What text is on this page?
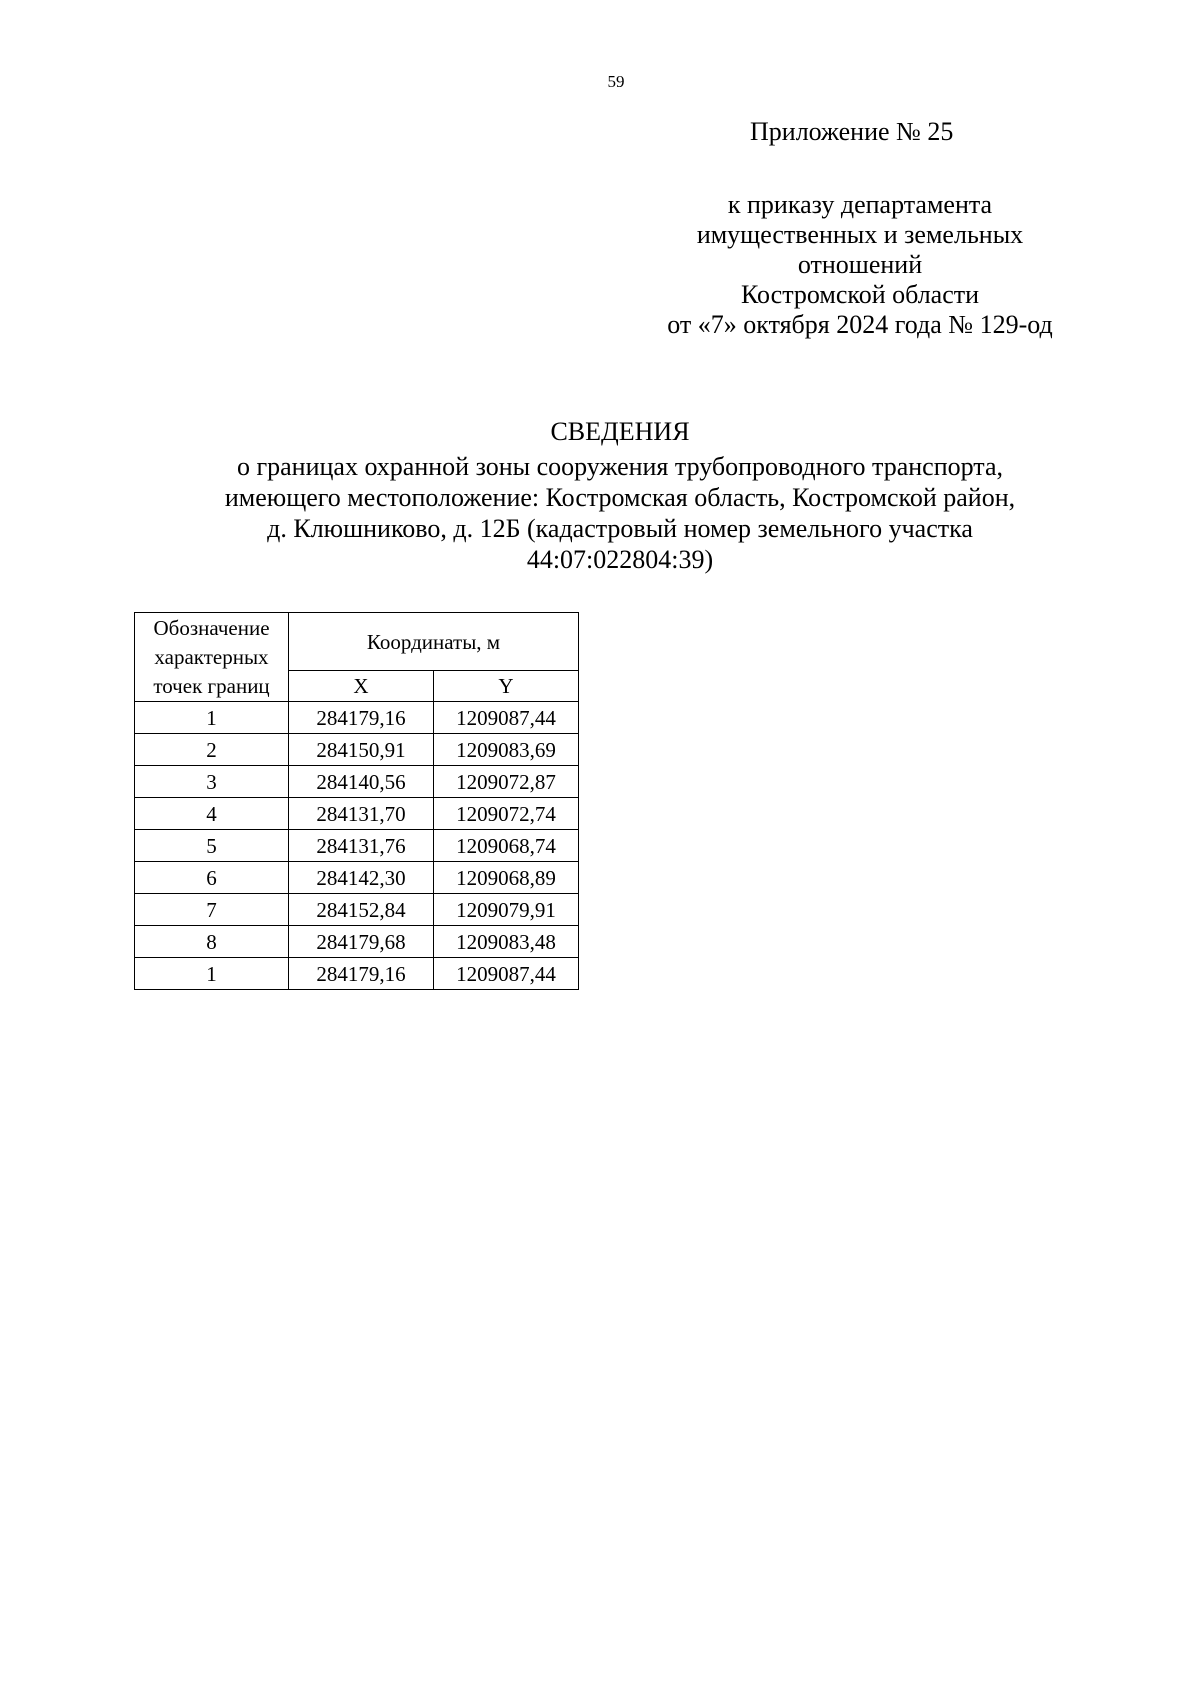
59
Приложение № 25
к приказу департамента
имущественных и земельных
отношений
Костромской области
от «7» октября 2024 года № 129-од
СВЕДЕНИЯ
о границах охранной зоны сооружения трубопроводного транспорта,
имеющего местоположение: Костромская область, Костромской район,
д. Клюшниково, д. 12Б (кадастровый номер земельного участка
44:07:022804:39)
Обозначение
характерных
точек границ	Координаты, м	
	X	Y
1	284179,16	1209087,44
2	284150,91	1209083,69
3	284140,56	1209072,87
4	284131,70	1209072,74
5	284131,76	1209068,74
6	284142,30	1209068,89
7	284152,84	1209079,91
8	284179,68	1209083,48
1	284179,16	1209087,44
